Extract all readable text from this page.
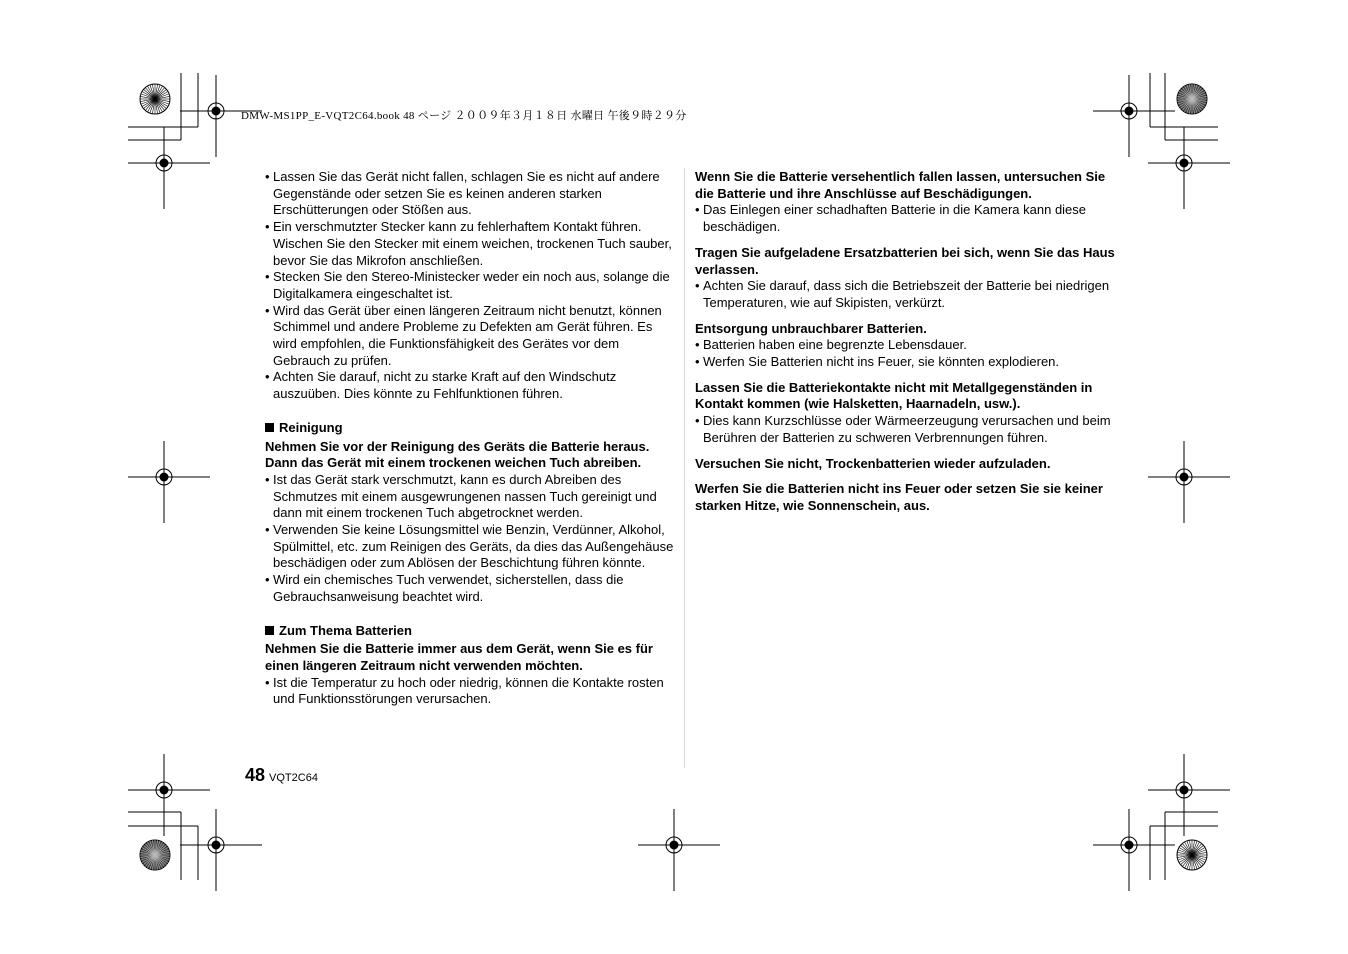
DMW-MS1PP_E-VQT2C64.book 48 ページ ２００９年３月１８日 水曜日 午後９時２９分
• Lassen Sie das Gerät nicht fallen, schlagen Sie es nicht auf andere Gegenstände oder setzen Sie es keinen anderen starken Erschütterungen oder Stößen aus.
• Ein verschmutzter Stecker kann zu fehlerhaftem Kontakt führen. Wischen Sie den Stecker mit einem weichen, trockenen Tuch sauber, bevor Sie das Mikrofon anschließen.
• Stecken Sie den Stereo-Ministecker weder ein noch aus, solange die Digitalkamera eingeschaltet ist.
• Wird das Gerät über einen längeren Zeitraum nicht benutzt, können Schimmel und andere Probleme zu Defekten am Gerät führen. Es wird empfohlen, die Funktionsfähigkeit des Gerätes vor dem Gebrauch zu prüfen.
• Achten Sie darauf, nicht zu starke Kraft auf den Windschutz auszuüben. Dies könnte zu Fehlfunktionen führen.
Reinigung
Nehmen Sie vor der Reinigung des Geräts die Batterie heraus. Dann das Gerät mit einem trockenen weichen Tuch abreiben.
• Ist das Gerät stark verschmutzt, kann es durch Abreiben des Schmutzes mit einem ausgewrungenen nassen Tuch gereinigt und dann mit einem trockenen Tuch abgetrocknet werden.
• Verwenden Sie keine Lösungsmittel wie Benzin, Verdünner, Alkohol, Spülmittel, etc. zum Reinigen des Geräts, da dies das Außengehäuse beschädigen oder zum Ablösen der Beschichtung führen könnte.
• Wird ein chemisches Tuch verwendet, sicherstellen, dass die Gebrauchsanweisung beachtet wird.
Zum Thema Batterien
Nehmen Sie die Batterie immer aus dem Gerät, wenn Sie es für einen längeren Zeitraum nicht verwenden möchten.
• Ist die Temperatur zu hoch oder niedrig, können die Kontakte rosten und Funktionsstörungen verursachen.
Wenn Sie die Batterie versehentlich fallen lassen, untersuchen Sie die Batterie und ihre Anschlüsse auf Beschädigungen.
• Das Einlegen einer schadhaften Batterie in die Kamera kann diese beschädigen.
Tragen Sie aufgeladene Ersatzbatterien bei sich, wenn Sie das Haus verlassen.
• Achten Sie darauf, dass sich die Betriebszeit der Batterie bei niedrigen Temperaturen, wie auf Skipisten, verkürzt.
Entsorgung unbrauchbarer Batterien.
• Batterien haben eine begrenzte Lebensdauer.
• Werfen Sie Batterien nicht ins Feuer, sie könnten explodieren.
Lassen Sie die Batteriekontakte nicht mit Metallgegenständen in Kontakt kommen (wie Halsketten, Haarnadeln, usw.).
• Dies kann Kurzschlüsse oder Wärmeerzeugung verursachen und beim Berühren der Batterien zu schweren Verbrennungen führen.
Versuchen Sie nicht, Trockenbatterien wieder aufzuladen.
Werfen Sie die Batterien nicht ins Feuer oder setzen Sie sie keiner starken Hitze, wie Sonnenschein, aus.
48 VQT2C64
